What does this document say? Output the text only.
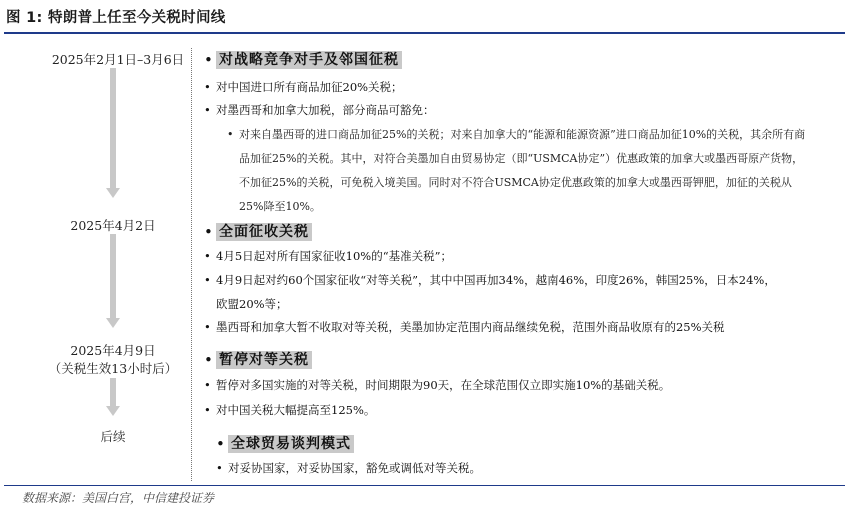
图 1: 特朗普上任至今关税时间线
2025年2月1日–3月6日
2025年4月2日
2025年4月9日
（关税生效13小时后）
后续
• 对战略竞争对手及邻国征税
• 对中国进口所有商品加征20%关税；
• 对墨西哥和加拿大加税，部分商品可豁免：
• 对来自墨西哥的进口商品加征25%的关税；对来自加拿大的“能源和能源资源”进口商品加征10%的关税，其余所有商品加征25%的关税。其中，对符合美墨加自由贸易协定（即“USMCA协定”）优惠政策的加拿大或墨西哥原产货物，不加征25%的关税，可免税入境美国。同时对不符合USMCA协定优惠政策的加拿大或墨西哥钾肥，加征的关税从25%降至10%。
• 全面征收关税
• 4月5日起对所有国家征收10%的“基准关税”；
• 4月9日起对约60个国家征收“对等关税”，其中中国再加34%，越南46%，印度26%，韩国25%，日本24%，
欧盟20%等；
• 墨西哥和加拿大暂不收取对等关税，美墨加协定范围内商品继续免税，范围外商品收原有的25%关税
• 暂停对等关税
• 暂停对多国实施的对等关税，时间期限为90天，在全球范围仅立即实施10%的基础关税。
• 对中国关税大幅提高至125%。
• 全球贸易谈判模式
• 对妥协国家，对妥协国家，豁免或调低对等关税。
数据来源：美国白宫，中信建投证券
